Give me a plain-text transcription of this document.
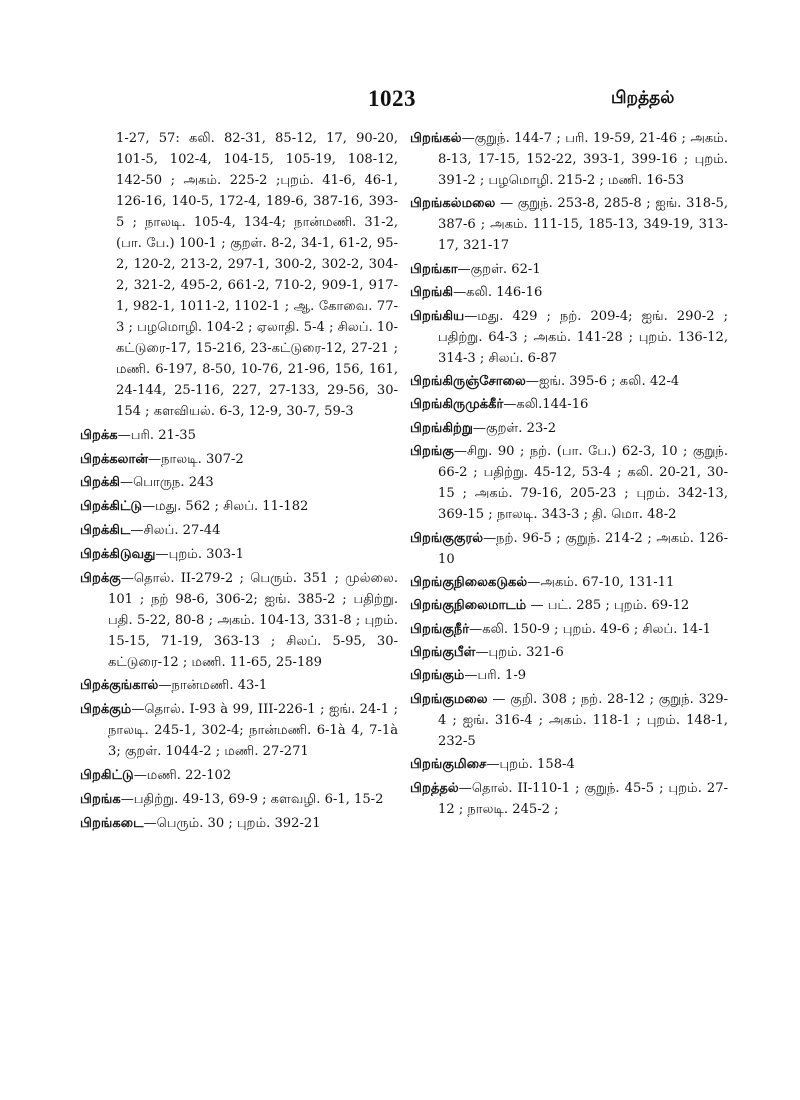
1023	பிறத்தல்
1-27, 57: கலி. 82-31, 85-12, 17, 90-20, 101-5, 102-4, 104-15, 105-19, 108-12, 142-50 ; அகம். 225-2 ;புறம். 41-6, 46-1, 126-16, 140-5, 172-4, 189-6, 387-16, 393-5 ; நாலடி. 105-4, 134-4; நான்மணி. 31-2, (பா. பே.) 100-1 ; குறள். 8-2, 34-1, 61-2, 95-2, 120-2, 213-2, 297-1, 300-2, 302-2, 304-2, 321-2, 495-2, 661-2, 710-2, 909-1, 917-1, 982-1, 1011-2, 1102-1 ; ஆ. கோவை. 77-3 ; பழமொழி. 104-2 ; ஏலாதி. 5-4 ; சிலப். 10-கட்டுரை-17, 15-216, 23-கட்டுரை-12, 27-21 ; மணி. 6-197, 8-50, 10-76, 21-96, 156, 161, 24-144, 25-116, 227, 27-133, 29-56, 30-154 ; களவியல். 6-3, 12-9, 30-7, 59-3
பிறக்க—பரி. 21-35
பிறக்கலான்—நாலடி. 307-2
பிறக்கி—பொருந. 243
பிறக்கிட்டு—மது. 562 ; சிலப். 11-182
பிறக்கிட—சிலப். 27-44
பிறக்கிடுவது—புறம். 303-1
பிறக்கு—தொல். II-279-2 ; பெரும். 351 ; முல்லை. 101 ; நற் 98-6, 306-2; ஐங். 385-2 ; பதிற்று. பதி. 5-22, 80-8 ; அகம். 104-13, 331-8 ; புறம். 15-15, 71-19, 363-13 ; சிலப். 5-95, 30-கட்டுரை-12 ; மணி. 11-65, 25-189
பிறக்குங்கால்—நான்மணி. 43-1
பிறக்கும்—தொல். I-93 à 99, III-226-1 ; ஐங். 24-1 ; நாலடி. 245-1, 302-4; நான்மணி. 6-1à 4, 7-1à 3; குறள். 1044-2 ; மணி. 27-271
பிறகிட்டு—மணி. 22-102
பிறங்க—பதிற்று. 49-13, 69-9 ; களவழி. 6-1, 15-2
பிறங்கடை—பெரும். 30 ; புறம். 392-21
பிறங்கல்—குறுந். 144-7 ; பரி. 19-59, 21-46 ; அகம். 8-13, 17-15, 152-22, 393-1, 399-16 ; புறம். 391-2 ; பழமொழி. 215-2 ; மணி. 16-53
பிறங்கல்மலை — குறுந். 253-8, 285-8 ; ஐங். 318-5, 387-6 ; அகம். 111-15, 185-13, 349-19, 313-17, 321-17
பிறங்கா—குறள். 62-1
பிறங்கி—கலி. 146-16
பிறங்கிய—மது. 429 ; நற். 209-4; ஐங். 290-2 ; பதிற்று. 64-3 ; அகம். 141-28 ; புறம். 136-12, 314-3 ; சிலப். 6-87
பிறங்கிருஞ்சோலை—ஐங். 395-6 ; கலி. 42-4
பிறங்கிருமுக்கீர்—கலி.144-16
பிறங்கிற்று—குறள். 23-2
பிறங்கு—சிறு. 90 ; நற். (பா. பே.) 62-3, 10 ; குறுந். 66-2 ; பதிற்று. 45-12, 53-4 ; கலி. 20-21, 30-15 ; அகம். 79-16, 205-23 ; புறம். 342-13, 369-15 ; நாலடி. 343-3 ; தி. மொ. 48-2
பிறங்குகுரல்—நற். 96-5 ; குறுந். 214-2 ; அகம். 126-10
பிறங்குநிலைகடுகல்—அகம். 67-10, 131-11
பிறங்குநிலைமாடம் — பட். 285 ; புறம். 69-12
பிறங்குநீர்—கலி. 150-9 ; புறம். 49-6 ; சிலப். 14-1
பிறங்குபீள்—புறம். 321-6
பிறங்கும்—பரி. 1-9
பிறங்குமலை — குறி. 308 ; நற். 28-12 ; குறுந். 329-4 ; ஐங். 316-4 ; அகம். 118-1 ; புறம். 148-1, 232-5
பிறங்குமிசை—புறம். 158-4
பிறத்தல்—தொல். II-110-1 ; குறுந். 45-5 ; புறம். 27-12 ; நாலடி. 245-2 ;
